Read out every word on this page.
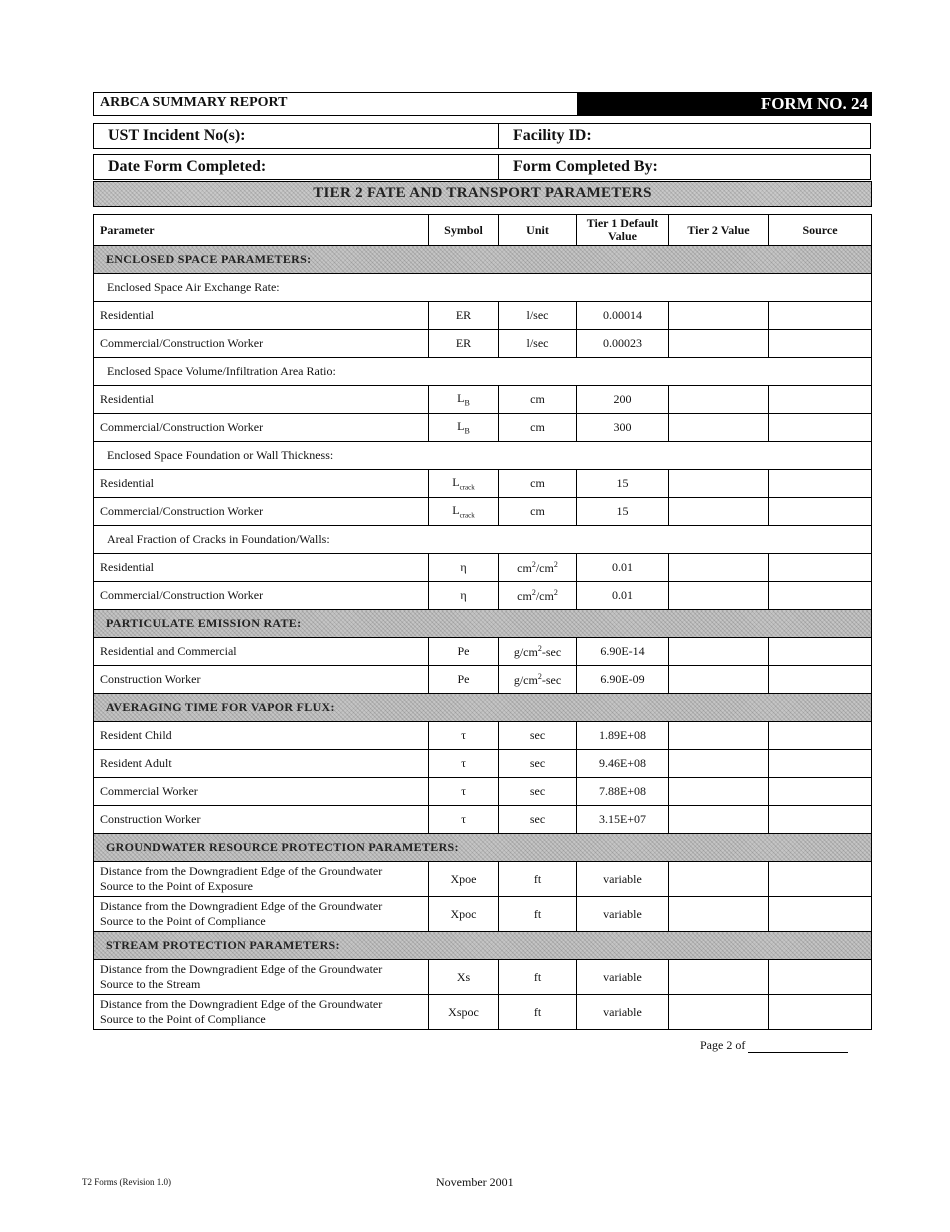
ARBCA SUMMARY REPORT	FORM NO. 24
UST Incident No(s):	Facility ID:
Date Form Completed:	Form Completed By:
TIER 2 FATE AND TRANSPORT PARAMETERS
Parameter	Symbol	Unit	Tier 1 Default Value	Tier 2 Value	Source
ENCLOSED SPACE PARAMETERS:					
Enclosed Space Air Exchange Rate:					
Residential	ER	l/sec	0.00014		
Commercial/Construction Worker	ER	l/sec	0.00023		
Enclosed Space Volume/Infiltration Area Ratio:					
Residential	$L_B$	cm	200		
Commercial/Construction Worker	$L_B$	cm	300		
Enclosed Space Foundation or Wall Thickness:					
Residential	$L_{crack}$	cm	15		
Commercial/Construction Worker	$L_{crack}$	cm	15		
Areal Fraction of Cracks in Foundation/Walls:					
Residential	η	$cm^2/cm^2$	0.01		
Commercial/Construction Worker	η	$cm^2/cm^2$	0.01		
PARTICULATE EMISSION RATE:					
Residential and Commercial	Pe	$g/cm^2-\sec$	6.90E-14		
Construction Worker	Pe	$g/cm^2-\sec$	6.90E-09		
AVERAGING TIME FOR VAPOR FLUX:					
Resident Child	τ	sec	1.89E+08		
Resident Adult	τ	sec	9.46E+08		
Commercial Worker	τ	sec	7.88E+08		
Construction Worker	τ	sec	3.15E+07		
GROUNDWATER RESOURCE PROTECTION PARAMETERS:					

Distance from the Downgradient Edge of the Groundwater
Source to the Point of Exposure	Xpoe	ft	variable		

Distance from the Downgradient Edge of the Groundwater
Source to the Point of Compliance	Xpoc	ft	variable		
STREAM PROTECTION PARAMETERS:					

Distance from the Downgradient Edge of the Groundwater
Source to the Stream	Xs	ft	variable		

Distance from the Downgradient Edge of the Groundwater
Source to the Point of Compliance	Xspoc	ft	variable		
Page 2 of
T2 Forms (Revision 1.0)	November 2001
